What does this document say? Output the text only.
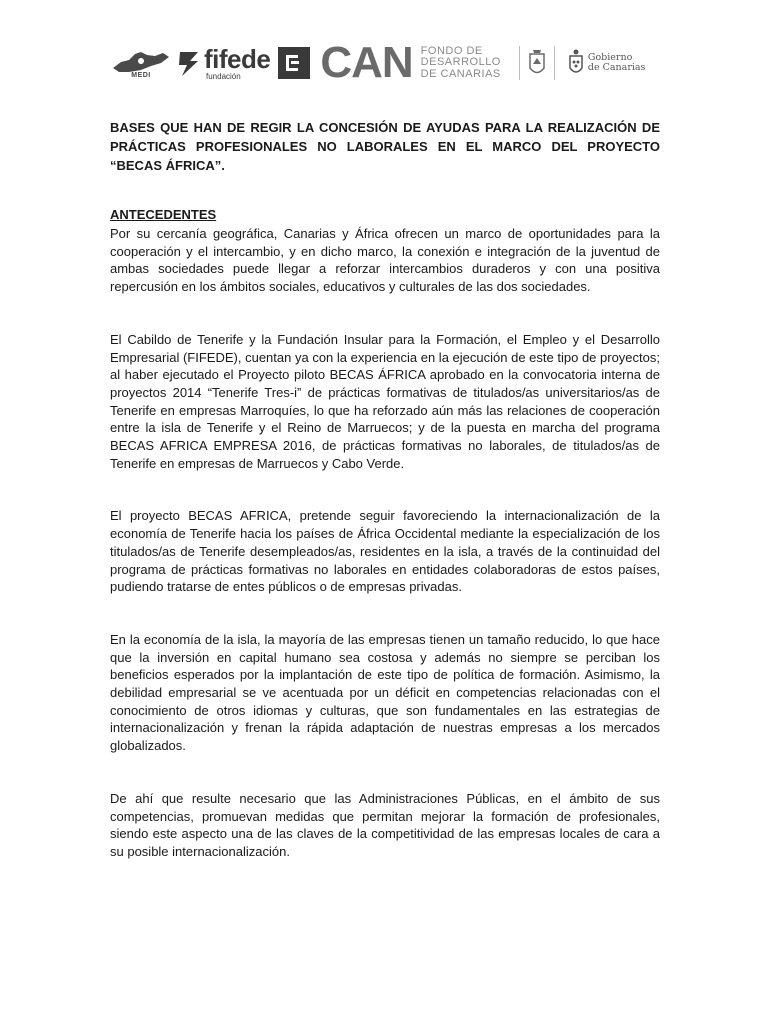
MEDI
fifede
fundación	CAN FONDO DE
DESARROLLO
DE CANARIAS
Gobierno
de Canarias

BASES QUE HAN DE REGIR LA CONCESIÓN DE AYUDAS PARA LA REALIZACIÓN DE PRÁCTICAS PROFESIONALES NO LABORALES EN EL MARCO DEL PROYECTO “BECAS ÁFRICA”.

ANTECEDENTES

Por su cercanía geográfica, Canarias y África ofrecen un marco de oportunidades para la cooperación y el intercambio, y en dicho marco, la conexión e integración de la juventud de ambas sociedades puede llegar a reforzar intercambios duraderos y con una positiva repercusión en los ámbitos sociales, educativos y culturales de las dos sociedades.

El Cabildo de Tenerife y la Fundación Insular para la Formación, el Empleo y el Desarrollo Empresarial (FIFEDE), cuentan ya con la experiencia en la ejecución de este tipo de proyectos; al haber ejecutado el Proyecto piloto BECAS ÁFRICA aprobado en la convocatoria interna de proyectos 2014 “Tenerife Tres-i” de prácticas formativas de titulados/as universitarios/as de Tenerife en empresas Marroquíes, lo que ha reforzado aún más las relaciones de cooperación entre la isla de Tenerife y el Reino de Marruecos; y de la puesta en marcha del programa BECAS AFRICA EMPRESA 2016, de prácticas formativas no laborales, de titulados/as de Tenerife en empresas de Marruecos y Cabo Verde.

El proyecto BECAS AFRICA, pretende seguir favoreciendo la internacionalización de la economía de Tenerife hacia los países de África Occidental mediante la especialización de los titulados/as de Tenerife desempleados/as, residentes en la isla, a través de la continuidad del programa de prácticas formativas no laborales en entidades colaboradoras de estos países, pudiendo tratarse de entes públicos o de empresas privadas.

En la economía de la isla, la mayoría de las empresas tienen un tamaño reducido, lo que hace que la inversión en capital humano sea costosa y además no siempre se perciban los beneficios esperados por la implantación de este tipo de política de formación. Asimismo, la debilidad empresarial se ve acentuada por un déficit en competencias relacionadas con el conocimiento de otros idiomas y culturas, que son fundamentales en las estrategias de internacionalización y frenan la rápida adaptación de nuestras empresas a los mercados globalizados.

De ahí que resulte necesario que las Administraciones Públicas, en el ámbito de sus competencias, promuevan medidas que permitan mejorar la formación de profesionales, siendo este aspecto una de las claves de la competitividad de las empresas locales de cara a su posible internacionalización.
